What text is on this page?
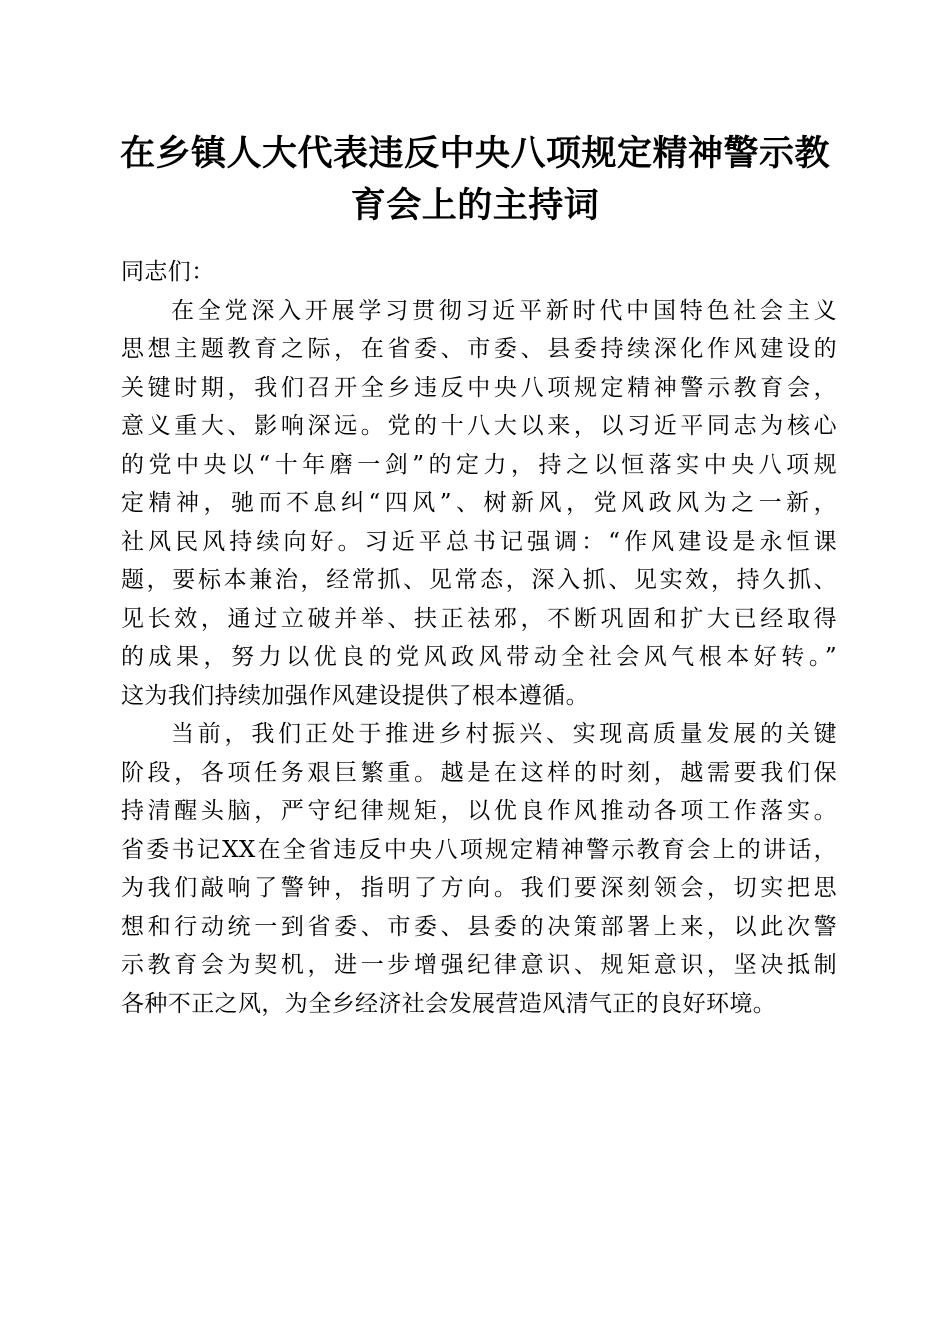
在乡镇人大代表违反中央八项规定精神警示教
育会上的主持词
同志们：
在全党深入开展学习贯彻习近平新时代中国特色社会主义
思想主题教育之际，在省委、市委、县委持续深化作风建设的
关键时期，我们召开全乡违反中央八项规定精神警示教育会，
意义重大、影响深远。党的十八大以来，以习近平同志为核心
的党中央以“十年磨一剑”的定力，持之以恒落实中央八项规
定精神，驰而不息纠“四风”、树新风，党风政风为之一新，
社风民风持续向好。习近平总书记强调：“作风建设是永恒课
题，要标本兼治，经常抓、见常态，深入抓、见实效，持久抓、
见长效，通过立破并举、扶正祛邪，不断巩固和扩大已经取得
的成果，努力以优良的党风政风带动全社会风气根本好转。”
这为我们持续加强作风建设提供了根本遵循。
当前，我们正处于推进乡村振兴、实现高质量发展的关键
阶段，各项任务艰巨繁重。越是在这样的时刻，越需要我们保
持清醒头脑，严守纪律规矩，以优良作风推动各项工作落实。
省委书记XX在全省违反中央八项规定精神警示教育会上的讲话，
为我们敲响了警钟，指明了方向。我们要深刻领会，切实把思
想和行动统一到省委、市委、县委的决策部署上来，以此次警
示教育会为契机，进一步增强纪律意识、规矩意识，坚决抵制
各种不正之风，为全乡经济社会发展营造风清气正的良好环境。
